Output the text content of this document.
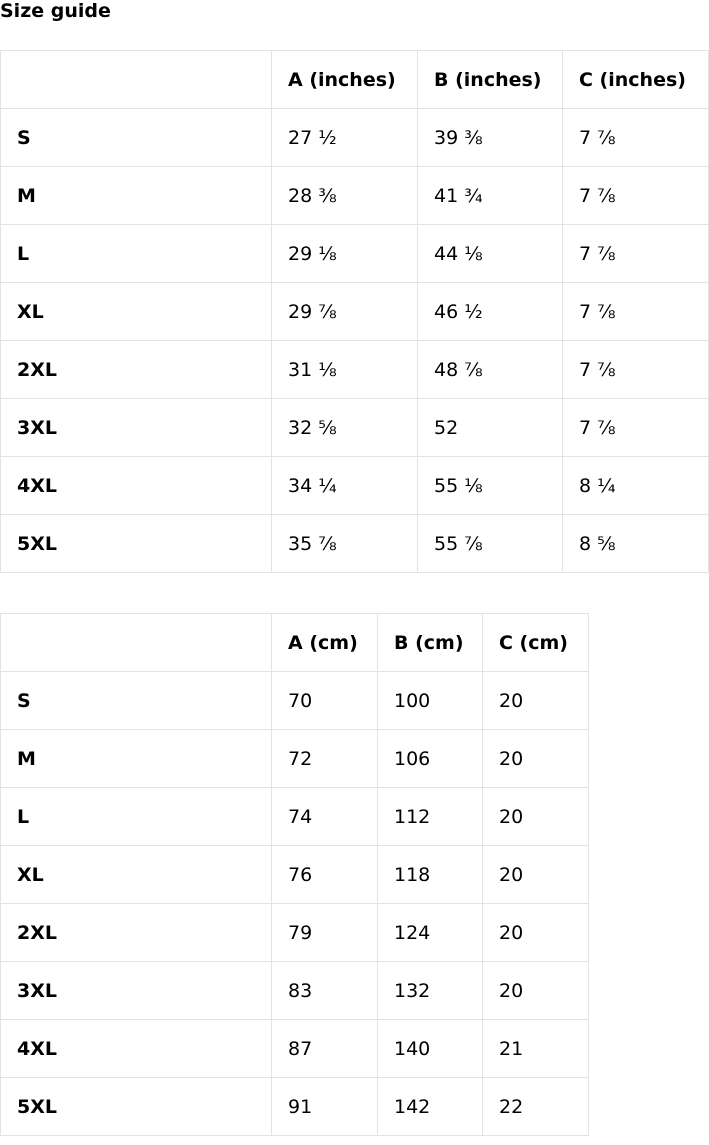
Size guide
	A (inches)	B (inches)	C (inches)
S	27 ½	39 ⅜	7 ⅞
M	28 ⅜	41 ¾	7 ⅞
L	29 ⅛	44 ⅛	7 ⅞
XL	29 ⅞	46 ½	7 ⅞
2XL	31 ⅛	48 ⅞	7 ⅞
3XL	32 ⅝	52	7 ⅞
4XL	34 ¼	55 ⅛	8 ¼
5XL	35 ⅞	55 ⅞	8 ⅝
	A (cm)	B (cm)	C (cm)
S	70	100	20
M	72	106	20
L	74	112	20
XL	76	118	20
2XL	79	124	20
3XL	83	132	20
4XL	87	140	21
5XL	91	142	22
